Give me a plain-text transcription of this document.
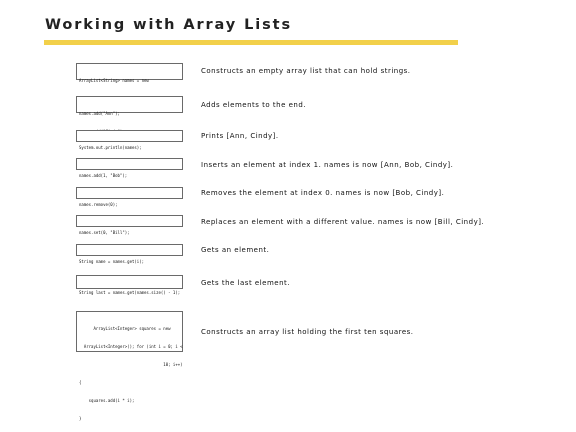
Working with Array Lists

ArrayList<String> names = new

Constructs an empty array list that can hold strings.

names.add("Ann");

Adds elements to the end.

System.out.println(names);

Prints [Ann, Cindy].

names.add(1, "Bob");

Inserts an element at index 1. names is now [Ann, Bob, Cindy].

names.remove(0);

Removes the element at index 0. names is now [Bob, Cindy].

names.set(0, "Bill");

Replaces an element with a different value. names is now [Bill, Cindy].

String name = names.get(i);

Gets an element.

String last = names.get(names.size() - 1);

Gets the last element.

ArrayList<Integer> squares = new

ArrayList<Integer>(); for (int i = 0; i <

10; i++)

{

squares.add(i * i);

}

Constructs an array list holding the first ten squares.
